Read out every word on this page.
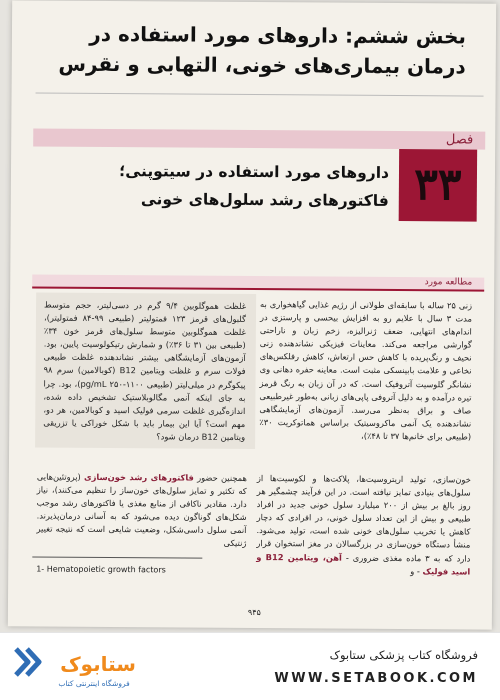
بخش ششم: داروهای مورد استفاده در درمان بیماری‌های خونی، التهابی و نقرس
فصل
۳۳
داروهای مورد استفاده در سیتوپنی؛ فاکتورهای رشد سلول‌های خونی
مطالعه مورد
زنی ۲۵ ساله با سابقه‌ای طولانی از رژیم غذایی گیاهخواری به مدت ۳ سال با علایم رو به افزایش بیحسی و پارستزی در اندام‌های انتهایی، ضعف ژنرالیزه، زخم زبان و ناراحتی گوارشی مراجعه می‌کند. معاینات فیزیکی نشاندهنده زنی نحیف و رنگ‌پریده با کاهش حس ارتعاش، کاهش رفلکس‌های نخاعی و علامت بابینسکی مثبت است. معاینه حفره دهانی وی نشانگر گلوسیت آتروفیک است. که در آن زبان به رنگ قرمز تیره درآمده و به دلیل آتروفی پاپی‌های زبانی به‌طور غیرطبیعی صاف و براق به‌نظر می‌رسد. آزمون‌های آزمایشگاهی نشاندهنده یک آنمی ماکروسیتیک براساس هماتوکریت ۳۰٪ (طبیعی برای خانم‌ها ۳۷ تا ۴۸٪)،
غلظت هموگلوبین ۹/۴ گرم در دسی‌لیتر، حجم متوسط گلبول‌های قرمز ۱۲۳ فمتولیتر (طبیعی ۹۹-۸۴ فمتولیتر)، غلظت هموگلوبین متوسط سلول‌های قرمز خون ۳۴٪ (طبیعی بین ۳۱ تا ۳۶٪) و شمارش رتیکولوسیت پایین، بود. آزمون‌های آزمایشگاهی بیشتر نشاندهنده غلظت طبیعی فولات سرم و غلظت ویتامین B12 (کوبالامین) سرم ۹۸ پیکوگرم در میلی‌لیتر (طبیعی ۱۱۰۰-۲۵۰ pg/mL)، بود. چرا به جای اینکه آنمی مگالوبلاستیک تشخیص داده شده، اندازه‌گیری غلظت سرمی فولیک اسید و کوبالامین، هر دو، مهم است؟ آیا این بیمار باید با شکل خوراکی یا تزریقی ویتامین B12 درمان شود؟
خون‌سازی، تولید اریتروسیت‌ها، پلاکت‌ها و لکوسیت‌ها از سلول‌های بنیادی تمایز نیافته است. در این فرآیند چشمگیر هر روز بالغ بر بیش از ۲۰۰ میلیارد سلول خونی جدید در افراد طبیعی و بیش از این تعداد سلول خونی، در افرادی که دچار کاهش یا تخریب سلول‌های خونی شده است، تولید می‌شود. منشأ دستگاه خون‌سازی در بزرگسالان در مغز استخوان قرار دارد که به ۳ ماده مغذی ضروری - آهن، ویتامین B12 و اسید فولیک - و
همچنین حضور فاکتورهای رشد خون‌سازی (پروتئین‌هایی که تکثیر و تمایز سلول‌های خون‌ساز را تنظیم می‌کنند)، نیاز دارد. مقادیر ناکافی از منابع مغذی یا فاکتورهای رشد موجب شکل‌های گوناگون دیده می‌شود که به آسانی درمان‌پذیرند. آنمی سلول داسی‌شکل، وضعیت شایعی است که نتیجه تغییر ژنتیکی
1- Hematopoietic growth factors
۹۴۵
ستابوک
فروشگاه اینترنتی کتاب
فروشگاه کتاب پزشکی ستابوک
WWW.SETABOOK.COM
